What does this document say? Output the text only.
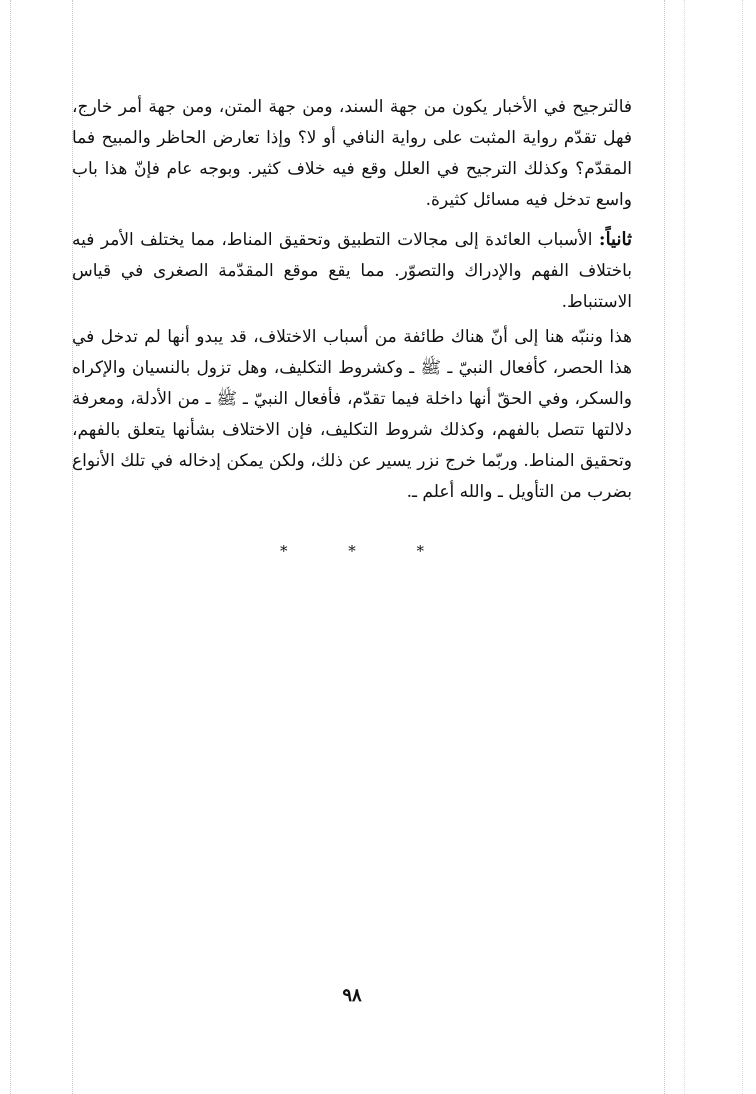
فالترجيح في الأخبار يكون من جهة السند، ومن جهة المتن، ومن جهة أمر خارج، فهل تقدّم رواية المثبت على رواية النافي أو لا؟ وإذا تعارض الحاظر والمبيح فما المقدّم؟ وكذلك الترجيح في العلل وقع فيه خلاف كثير. وبوجه عام فإنّ هذا باب واسع تدخل فيه مسائل كثيرة.

ثانياً: الأسباب العائدة إلى مجالات التطبيق وتحقيق المناط، مما يختلف الأمر فيه باختلاف الفهم والإدراك والتصوّر. مما يقع موقع المقدّمة الصغرى في قياس الاستنباط.

هذا وننبّه هنا إلى أنّ هناك طائفة من أسباب الاختلاف، قد يبدو أنها لم تدخل في هذا الحصر، كأفعال النبيّ ـ ﷺ ـ وكشروط التكليف، وهل تزول بالنسيان والإكراه والسكر، وفي الحقّ أنها داخلة فيما تقدّم، فأفعال النبيّ ـ ﷺ ـ من الأدلة، ومعرفة دلالتها تتصل بالفهم، وكذلك شروط التكليف، فإن الاختلاف بشأنها يتعلق بالفهم، وتحقيق المناط. وربّما خرج نزر يسير عن ذلك، ولكن يمكن إدخاله في تلك الأنواع بضرب من التأويل ـ والله أعلم ـ.

* * *
٩٨
